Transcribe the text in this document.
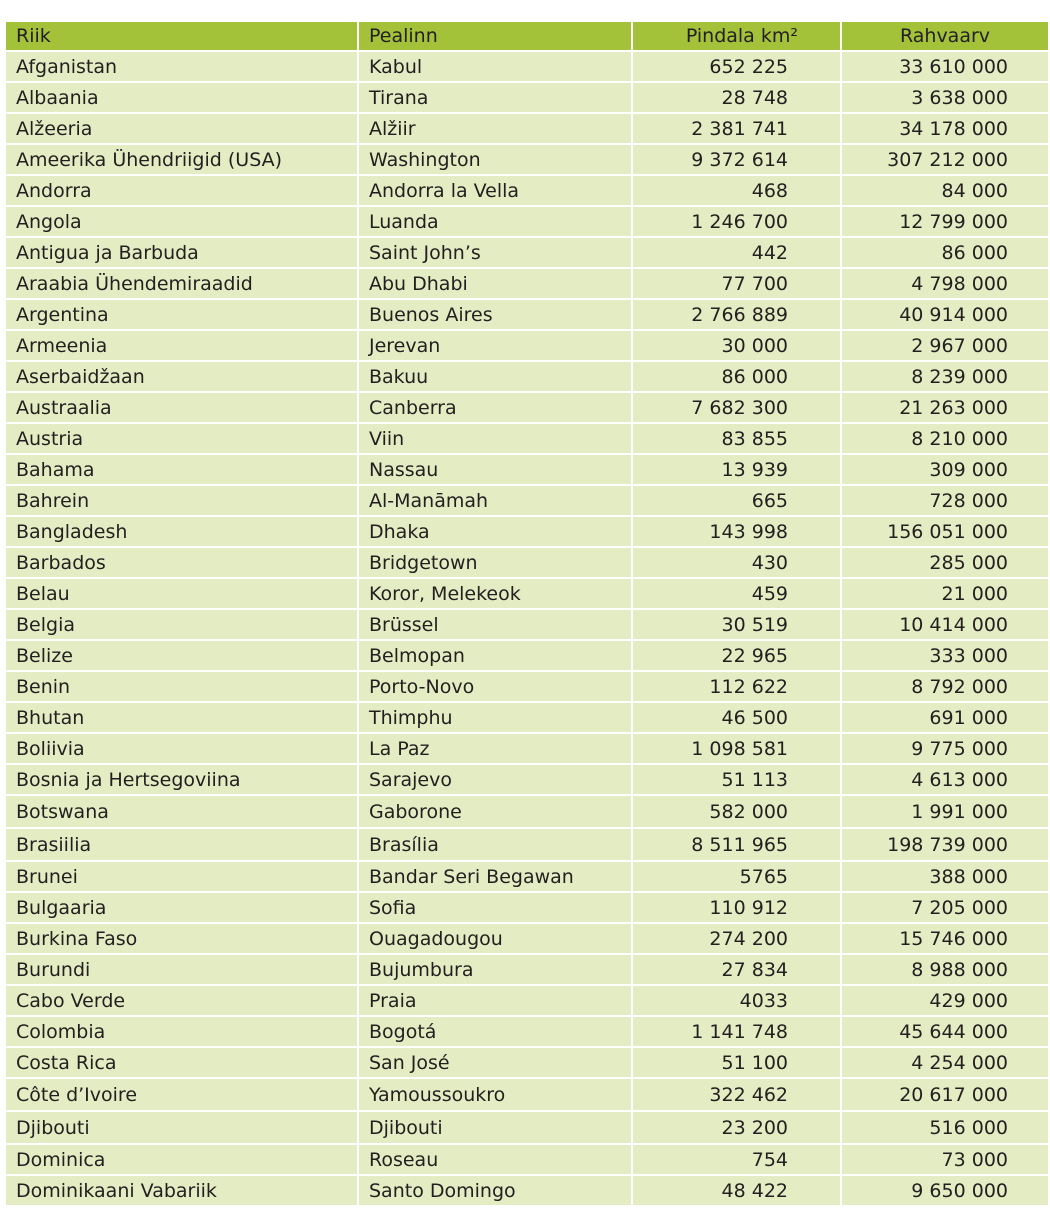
Riik	Pealinn	Pindala km²	Rahvaarv
Afganistan	Kabul	652 225	33 610 000
Albaania	Tirana	28 748	3 638 000
Alžeeria	Alžiir	2 381 741	34 178 000
Ameerika Ühendriigid (USA)	Washington	9 372 614	307 212 000
Andorra	Andorra la Vella	468	84 000
Angola	Luanda	1 246 700	12 799 000
Antigua ja Barbuda	Saint John’s	442	86 000
Araabia Ühendemiraadid	Abu Dhabi	77 700	4 798 000
Argentina	Buenos Aires	2 766 889	40 914 000
Armeenia	Jerevan	30 000	2 967 000
Aserbaidžaan	Bakuu	86 000	8 239 000
Austraalia	Canberra	7 682 300	21 263 000
Austria	Viin	83 855	8 210 000
Bahama	Nassau	13 939	309 000
Bahrein	Al-Manāmah	665	728 000
Bangladesh	Dhaka	143 998	156 051 000
Barbados	Bridgetown	430	285 000
Belau	Koror, Melekeok	459	21 000
Belgia	Brüssel	30 519	10 414 000
Belize	Belmopan	22 965	333 000
Benin	Porto-Novo	112 622	8 792 000
Bhutan	Thimphu	46 500	691 000
Boliivia	La Paz	1 098 581	9 775 000
Bosnia ja Hertsegoviina	Sarajevo	51 113	4 613 000
Botswana	Gaborone	582 000	1 991 000
Brasiilia	Brasília	8 511 965	198 739 000
Brunei	Bandar Seri Begawan	5765	388 000
Bulgaaria	Sofia	110 912	7 205 000
Burkina Faso	Ouagadougou	274 200	15 746 000
Burundi	Bujumbura	27 834	8 988 000
Cabo Verde	Praia	4033	429 000
Colombia	Bogotá	1 141 748	45 644 000
Costa Rica	San José	51 100	4 254 000
Côte d’Ivoire	Yamoussoukro	322 462	20 617 000
Djibouti	Djibouti	23 200	516 000
Dominica	Roseau	754	73 000
Dominikaani Vabariik	Santo Domingo	48 422	9 650 000
